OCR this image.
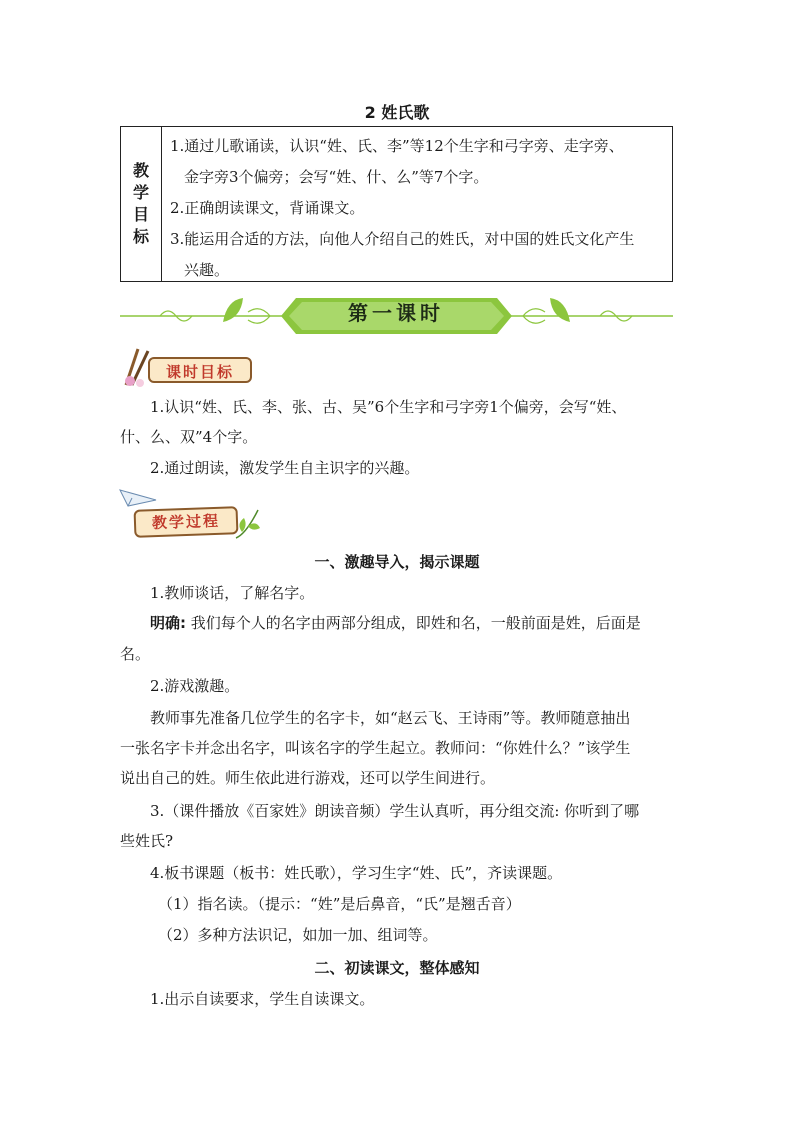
2 姓氏歌
教
学
目
标
1.通过儿歌诵读，认识“姓、氏、李”等12个生字和弓字旁、走字旁、
金字旁3个偏旁；会写“姓、什、么”等7个字。
2.正确朗读课文，背诵课文。
3.能运用合适的方法，向他人介绍自己的姓氏，对中国的姓氏文化产生
兴趣。
第一课时
课时目标
1.认识“姓、氏、李、张、古、吴”6个生字和弓字旁1个偏旁，会写“姓、
什、么、双”4个字。
2.通过朗读，激发学生自主识字的兴趣。
教学过程
一、激趣导入，揭示课题
1.教师谈话，了解名字。
明确: 我们每个人的名字由两部分组成，即姓和名，一般前面是姓，后面是
名。
2.游戏激趣。
教师事先准备几位学生的名字卡，如“赵云飞、王诗雨”等。教师随意抽出
一张名字卡并念出名字，叫该名字的学生起立。教师问：“你姓什么？”该学生
说出自己的姓。师生依此进行游戏，还可以学生间进行。
3.（课件播放《百家姓》朗读音频）学生认真听，再分组交流: 你听到了哪
些姓氏?
4.板书课题（板书：姓氏歌），学习生字“姓、氏”，齐读课题。
（1）指名读。（提示：“姓”是后鼻音，“氏”是翘舌音）
（2）多种方法识记，如加一加、组词等。
二、初读课文，整体感知
1.出示自读要求，学生自读课文。
